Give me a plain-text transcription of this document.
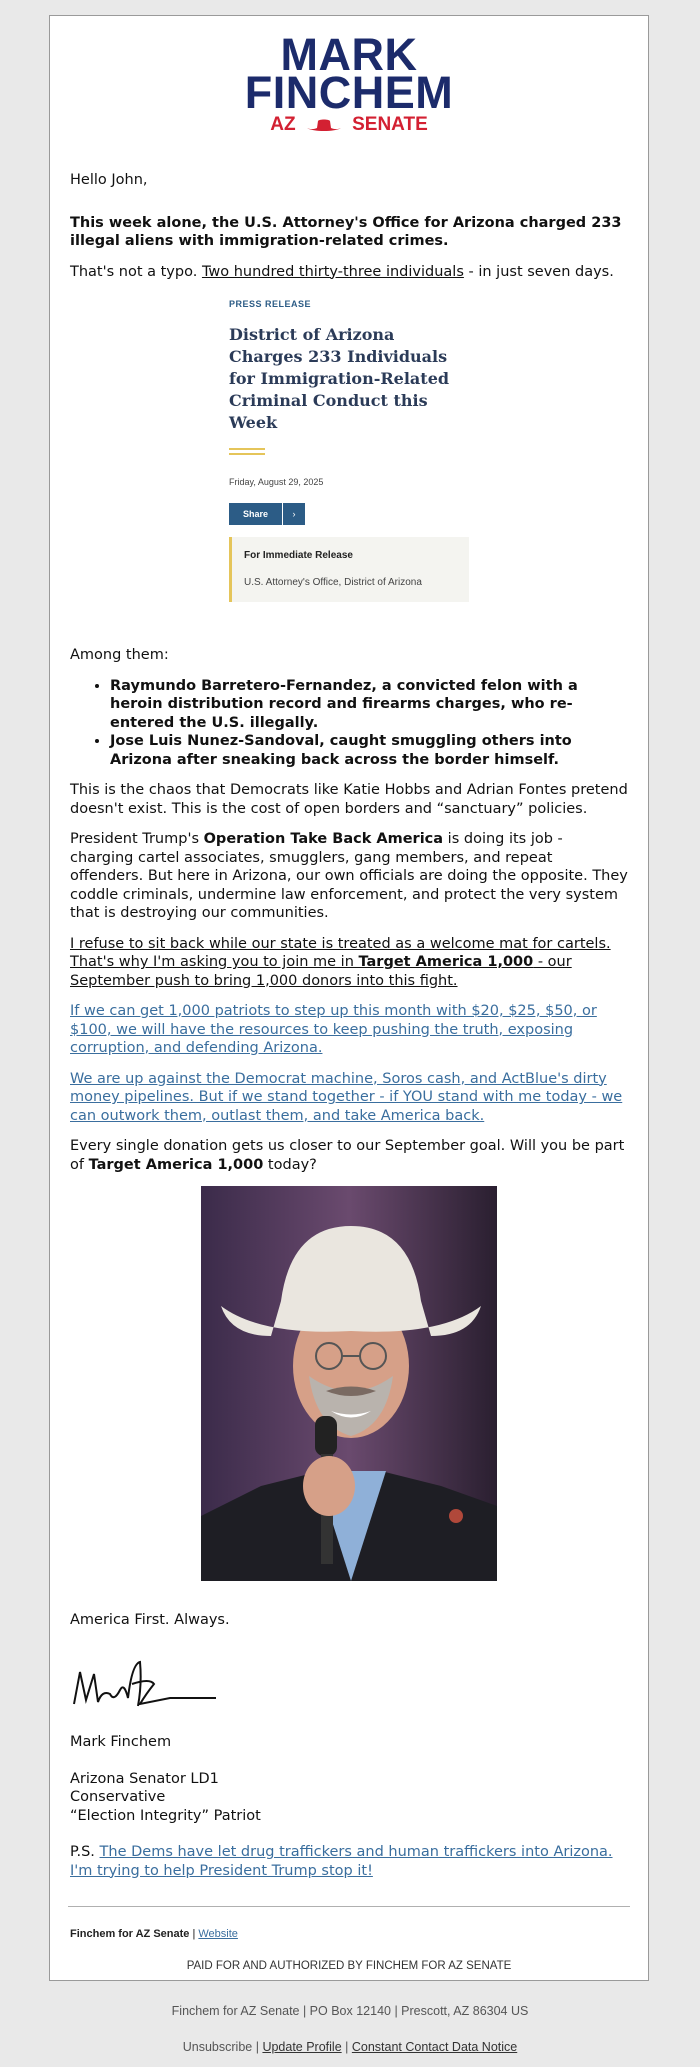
MARK
FINCHEM
AZ	SENATE

Hello John,

This week alone, the U.S. Attorney's Office for Arizona charged 233 illegal aliens with immigration-related crimes.

That's not a typo. Two hundred thirty-three individuals - in just seven days.

PRESS RELEASE
District of Arizona Charges 233 Individuals for Immigration-Related Criminal Conduct this Week
Friday, August 29, 2025
Share	›
For Immediate Release
U.S. Attorney's Office, District of Arizona

Among them:

• Raymundo Barretero-Fernandez, a convicted felon with a heroin distribution record and firearms charges, who re-entered the U.S. illegally.
• Jose Luis Nunez-Sandoval, caught smuggling others into Arizona after sneaking back across the border himself.

This is the chaos that Democrats like Katie Hobbs and Adrian Fontes pretend doesn't exist. This is the cost of open borders and “sanctuary” policies.

President Trump's Operation Take Back America is doing its job - charging cartel associates, smugglers, gang members, and repeat offenders. But here in Arizona, our own officials are doing the opposite. They coddle criminals, undermine law enforcement, and protect the very system that is destroying our communities.

I refuse to sit back while our state is treated as a welcome mat for cartels. That's why I'm asking you to join me in Target America 1,000 - our September push to bring 1,000 donors into this fight.

If we can get 1,000 patriots to step up this month with $20, $25, $50, or $100, we will have the resources to keep pushing the truth, exposing corruption, and defending Arizona.

We are up against the Democrat machine, Soros cash, and ActBlue's dirty money pipelines. But if we stand together - if YOU stand with me today - we can outwork them, outlast them, and take America back.

Every single donation gets us closer to our September goal. Will you be part of Target America 1,000 today?

America First. Always.

Mark Finchem

Arizona Senator LD1
Conservative
“Election Integrity” Patriot

P.S. The Dems have let drug traffickers and human traffickers into Arizona. I'm trying to help President Trump stop it!

Finchem for AZ Senate | Website
PAID FOR AND AUTHORIZED BY FINCHEM FOR AZ SENATE
Finchem for AZ Senate | PO Box 12140 | Prescott, AZ 86304 US
Unsubscribe | Update Profile | Constant Contact Data Notice
